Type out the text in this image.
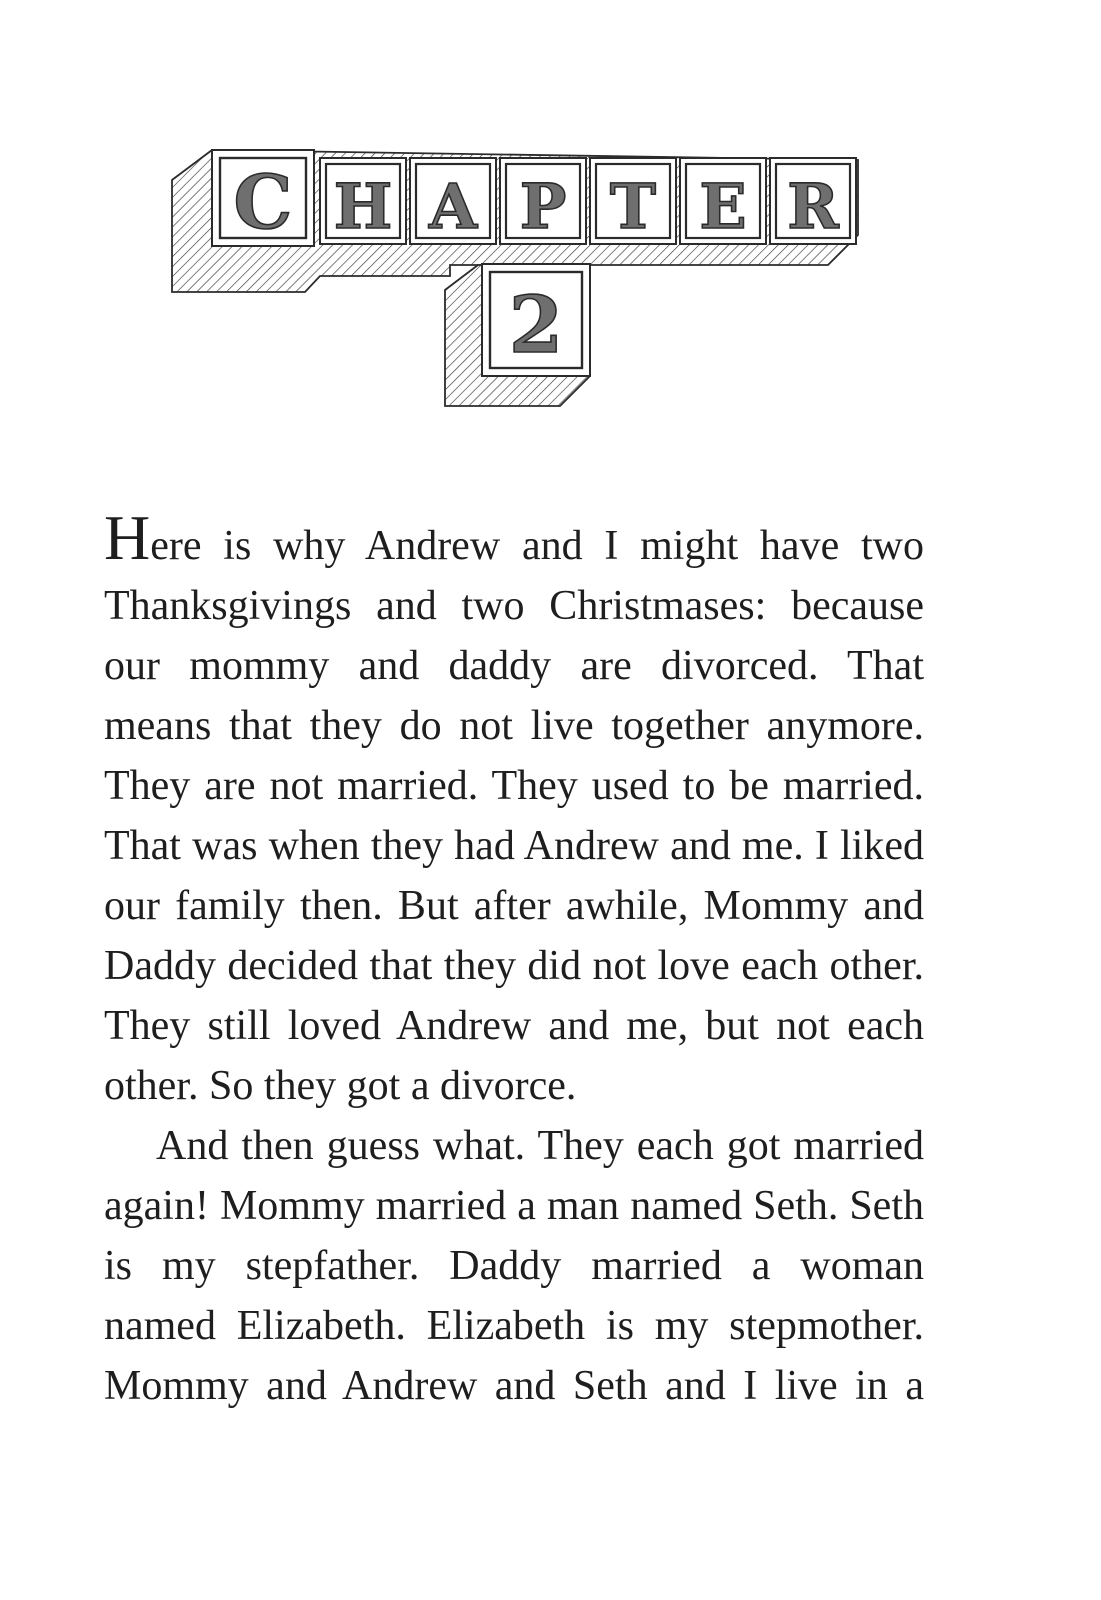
C H A P T E R
2

Here is why Andrew and I might have two Thanksgivings and two Christmases: because our mommy and daddy are divorced. That means that they do not live together anymore. They are not married. They used to be married. That was when they had Andrew and me. I liked our family then. But after awhile, Mommy and Daddy decided that they did not love each other. They still loved Andrew and me, but not each other. So they got a divorce.

And then guess what. They each got married again! Mommy married a man named Seth. Seth is my stepfather. Daddy married a woman named Elizabeth. Elizabeth is my stepmother. Mommy and Andrew and Seth and I live in a
